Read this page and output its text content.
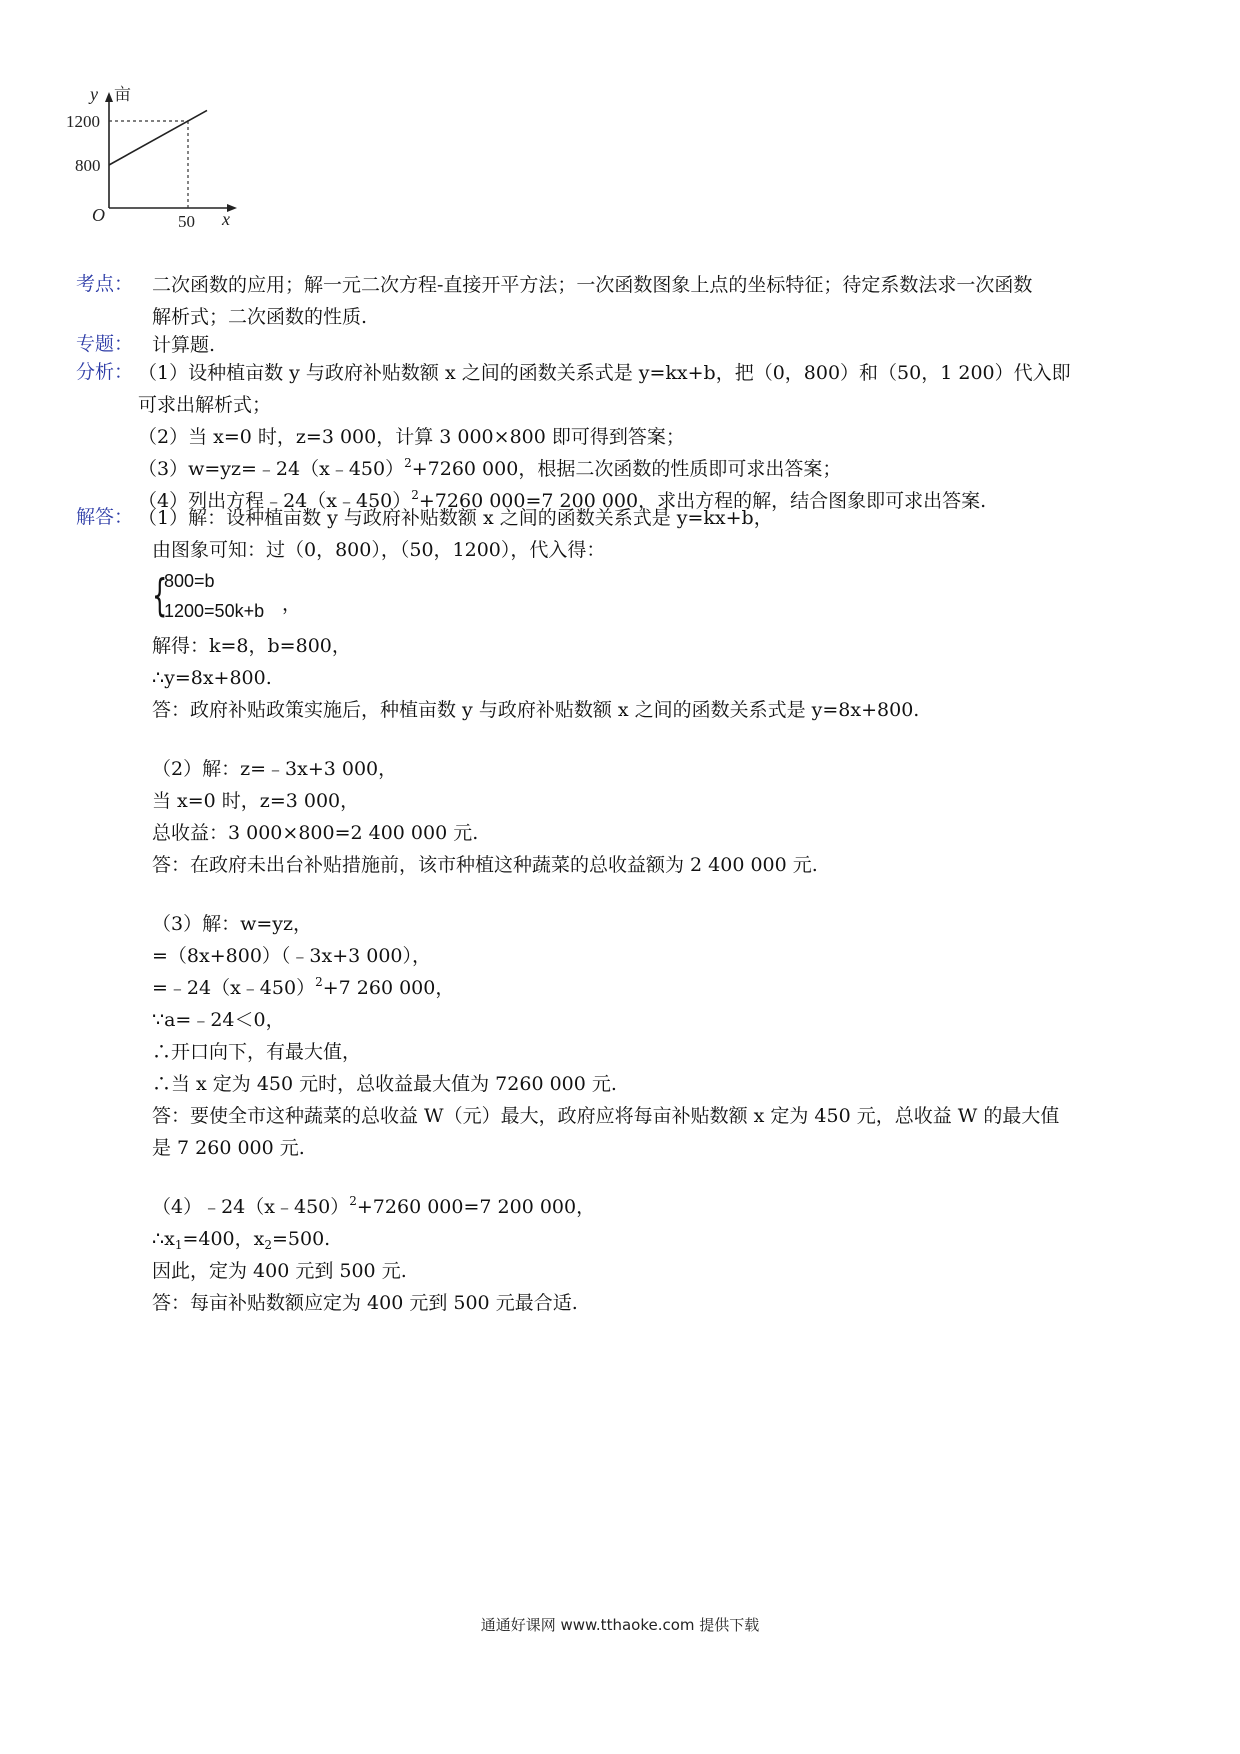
y 亩
1200
800
O	50 x
考点： 二次函数的应用；解一元二次方程-直接开平方法；一次函数图象上点的坐标特征；待定系数法求一次函数
解析式；二次函数的性质.
专题： 计算题.
分析： （1）设种植亩数 y 与政府补贴数额 x 之间的函数关系式是 y=kx+b，把（0，800）和（50，1 200）代入即
可求出解析式；
（2）当 x=0 时，z=3 000，计算 3 000×800 即可得到答案；
（3）w=yz=﹣24（x﹣450）$^2$+7260 000，根据二次函数的性质即可求出答案；
（4）列出方程﹣24（x﹣450）$^2$+7260 000=7 200 000，求出方程的解，结合图象即可求出答案.
解答： （1）解：设种植亩数 y 与政府补贴数额 x 之间的函数关系式是 y=kx+b，
由图象可知：过（0，800），（50，1200），代入得：
{
800=b
1200=50k+b ，
解得：k=8，b=800，
∴y=8x+800.
答：政府补贴政策实施后，种植亩数 y 与政府补贴数额 x 之间的函数关系式是 y=8x+800.
（2）解：z=﹣3x+3 000，
当 x=0 时，z=3 000，
总收益：3 000×800=2 400 000 元.
答：在政府未出台补贴措施前，该市种植这种蔬菜的总收益额为 2 400 000 元.
（3）解：w=yz，
=（8x+800）（﹣3x+3 000），
=﹣24（x﹣450）$^2$+7 260 000，
∵a=﹣24＜0，
∴开口向下，有最大值，
∴当 x 定为 450 元时，总收益最大值为 7260 000 元.
答：要使全市这种蔬菜的总收益 W（元）最大，政府应将每亩补贴数额 x 定为 450 元，总收益 W 的最大值
是 7 260 000 元.
（4）﹣24（x﹣450）$^2$+7260 000=7 200 000，
$\therefore x_1=400$，$x_2=500$.
因此，定为 400 元到 500 元.
答：每亩补贴数额应定为 400 元到 500 元最合适.
通通好课网 www.tthaoke.com 提供下载
